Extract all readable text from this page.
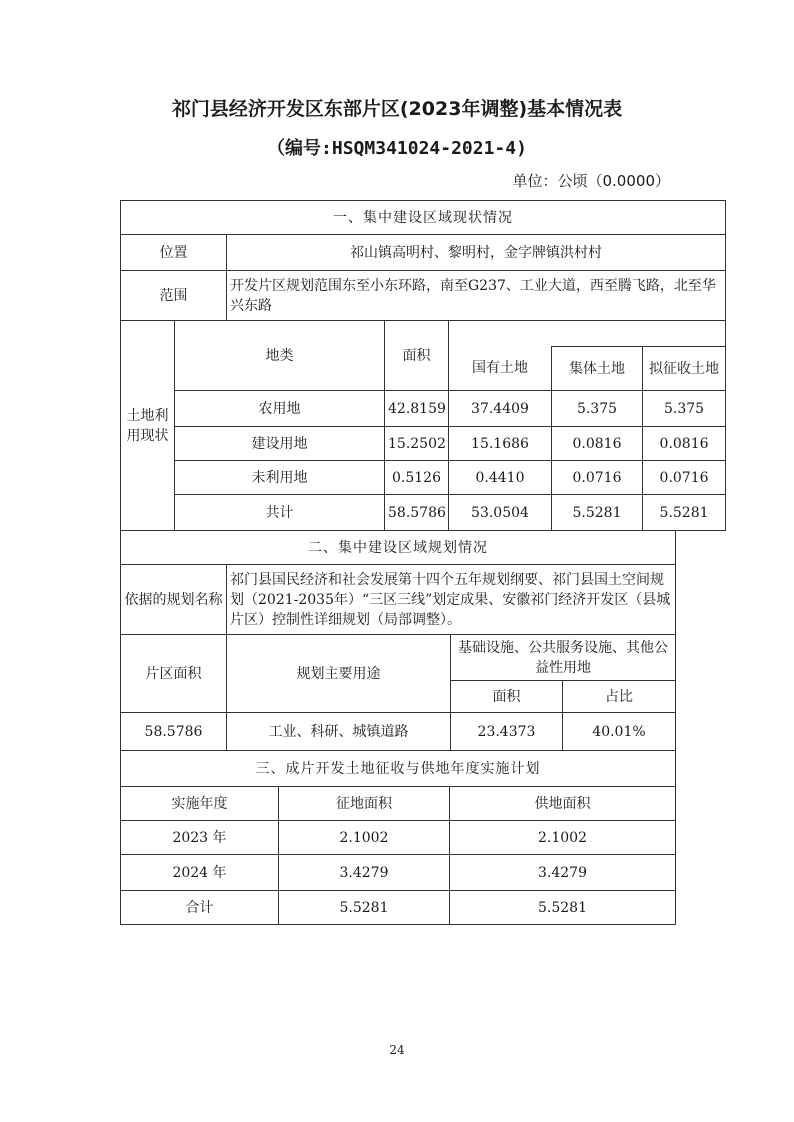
祁门县经济开发区东部片区(2023年调整)基本情况表
（编号:HSQM341024-2021-4)
单位：公顷（0.0000）
一、集中建设区域现状情况						
位置		祁山镇高明村、黎明村，金字牌镇洪村村				
范围		开发片区规划范围东至小东环路，南至G237、工业大道，西至腾飞路，北至华兴东路				
土地利用现状	地类		面积			
				国有土地	集体土地	拟征收土地

	农用地		42.8159	37.4409	5.375	5.375
	建设用地		15.2502	15.1686	0.0816	0.0816
	未利用地		0.5126	0.4410	0.0716	0.0716
	共计		58.5786	53.0504	5.5281	5.5281
二、集中建设区域规划情况			
依据的规划名称	祁门县国民经济和社会发展第十四个五年规划纲要、祁门县国土空间规划（2021-2035年）“三区三线”划定成果、安徽祁门经济开发区（县城片区）控制性详细规划（局部调整）。		
片区面积	规划主要用途	基础设施、公共服务设施、其他公益性用地	
		面积	占比
58.5786	工业、科研、城镇道路	23.4373	40.01%
三、成片开发土地征收与供地年度实施计划		
实施年度	征地面积	供地面积
2023 年	2.1002	2.1002
2024 年	3.4279	3.4279
合计	5.5281	5.5281
24
